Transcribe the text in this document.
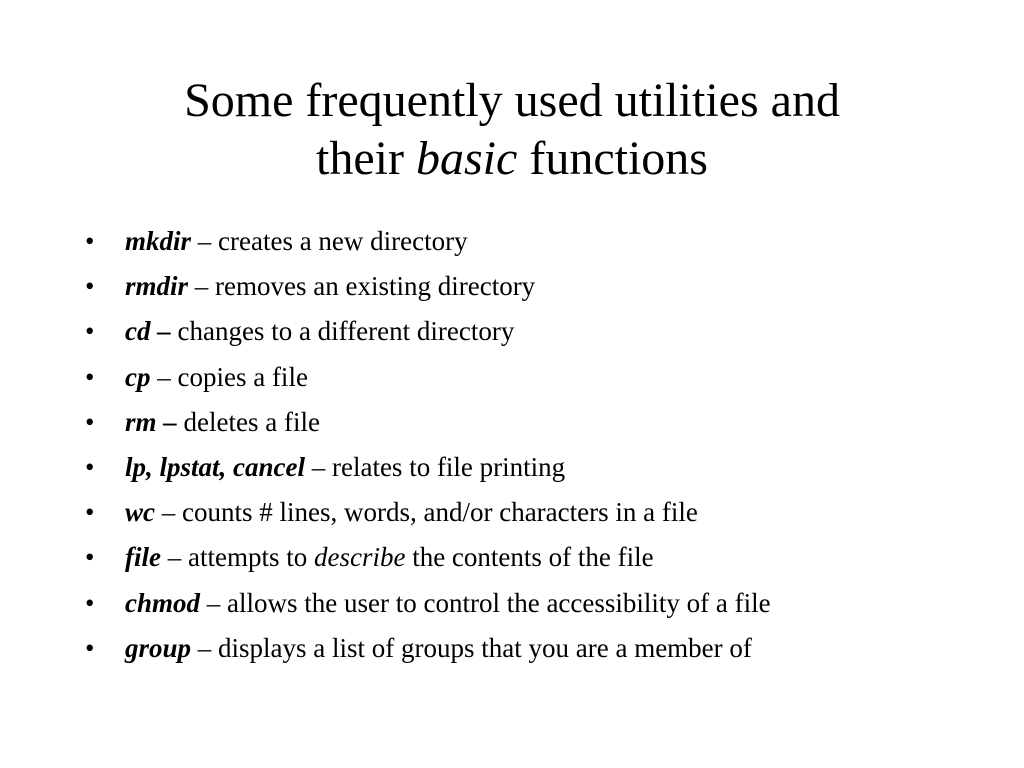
Some frequently used utilities and
their basic functions
• mkdir – creates a new directory
• rmdir – removes an existing directory
• cd – changes to a different directory
• cp – copies a file
• rm – deletes a file
• lp, lpstat, cancel – relates to file printing
• wc – counts # lines, words, and/or characters in a file
• file – attempts to describe the contents of the file
• chmod – allows the user to control the accessibility of a file
• group – displays a list of groups that you are a member of
